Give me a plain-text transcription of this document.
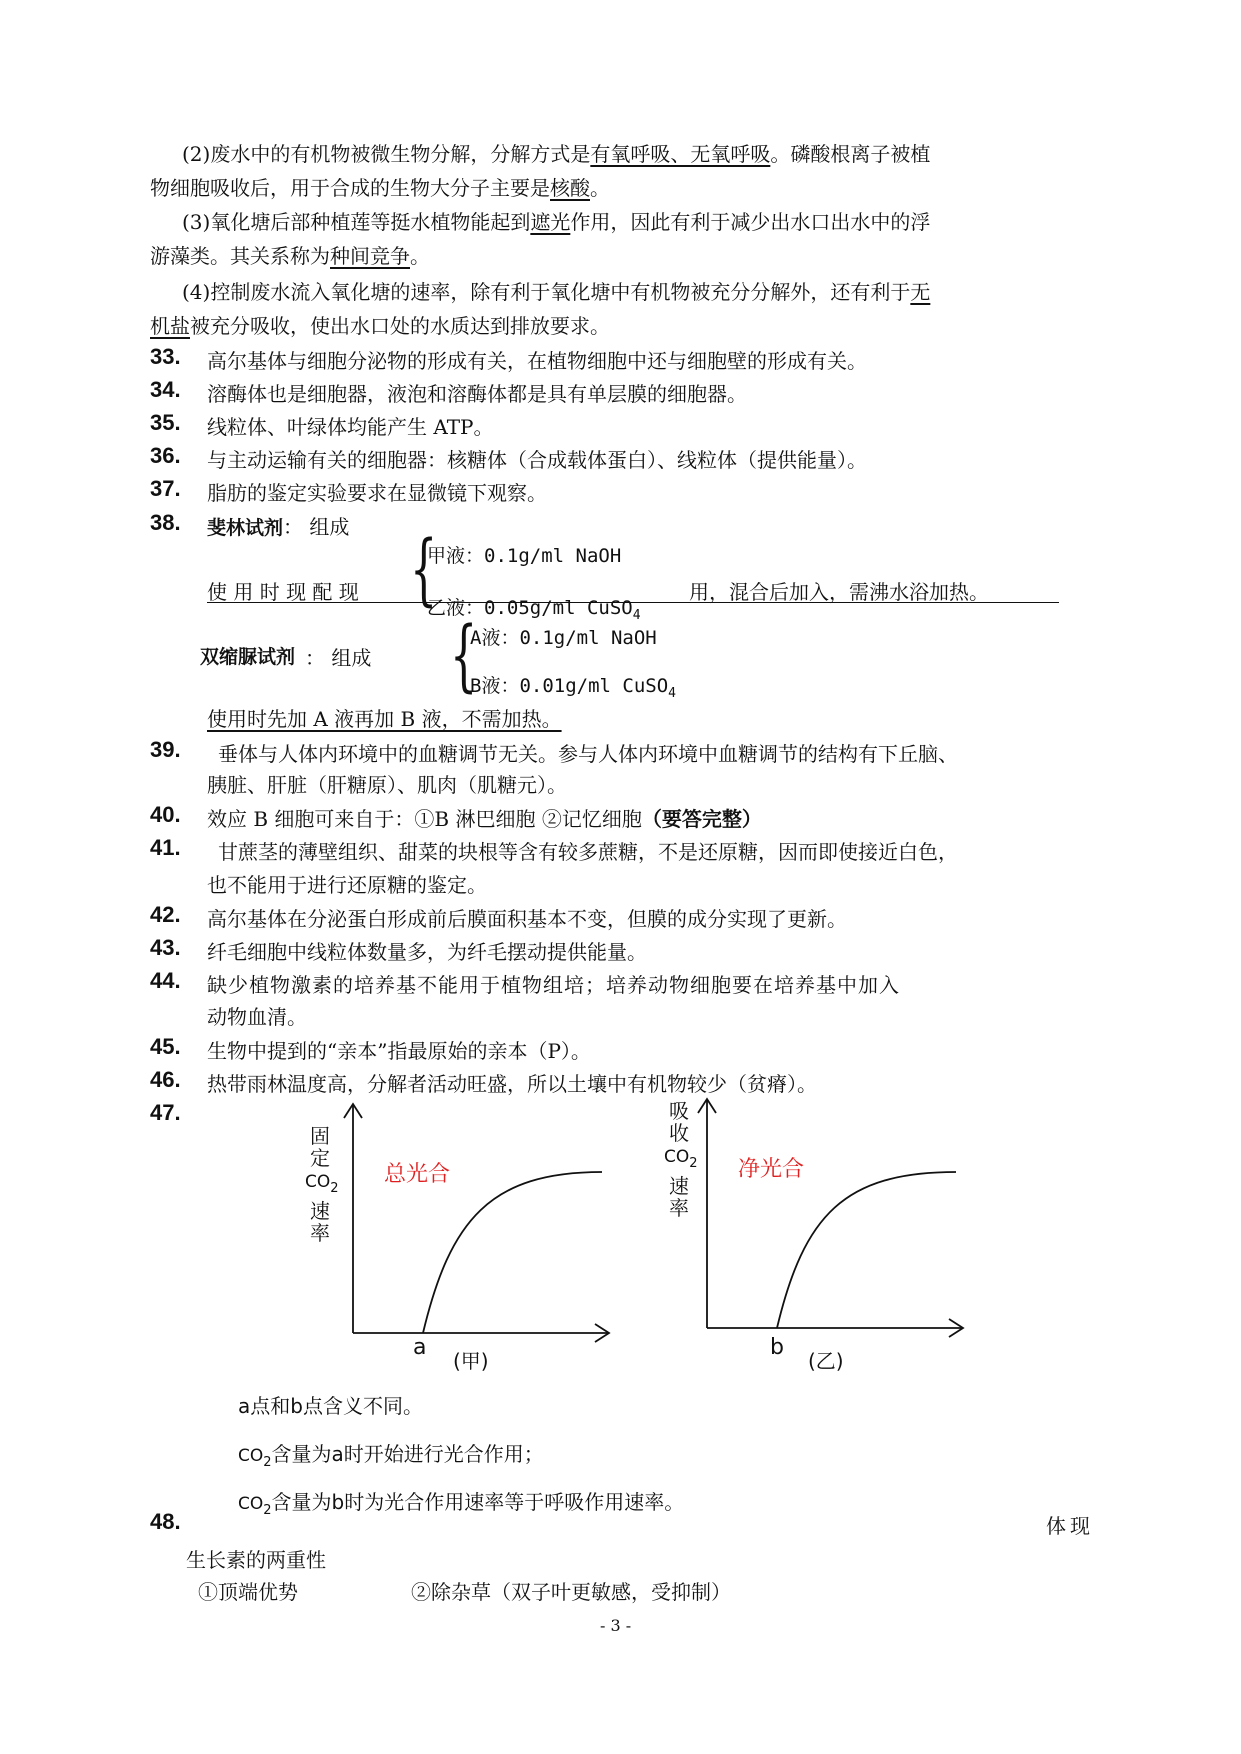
(2)废水中的有机物被微生物分解，分解方式是有氧呼吸、无氧呼吸。磷酸根离子被植
物细胞吸收后，用于合成的生物大分子主要是核酸。
(3)氧化塘后部种植莲等挺水植物能起到遮光作用，因此有利于减少出水口出水中的浮
游藻类。其关系称为种间竞争。
(4)控制废水流入氧化塘的速率，除有利于氧化塘中有机物被充分分解外，还有利于无
机盐被充分吸收，使出水口处的水质达到排放要求。
33. 高尔基体与细胞分泌物的形成有关，在植物细胞中还与细胞壁的形成有关。
34. 溶酶体也是细胞器，液泡和溶酶体都是具有单层膜的细胞器。
35. 线粒体、叶绿体均能产生 ATP。
36. 与主动运输有关的细胞器：核糖体（合成载体蛋白）、线粒体（提供能量）。
37. 脂肪的鉴定实验要求在显微镜下观察。
38. 斐林试剂： 组成 {
甲液：0.1g/ml NaOH
使 用 时 现 配 现
乙液：0.05g/ml CuSO$_4$
用，混合后加入，需沸水浴加热。
双缩脲试剂 ： 组成 {
A液：0.1g/ml NaOH
B液：0.01g/ml CuSO$_4$
使用时先加 A 液再加 B 液，不需加热。
39. 垂体与人体内环境中的血糖调节无关。参与人体内环境中血糖调节的结构有下丘脑、
胰脏、肝脏（肝糖原）、肌肉（肌糖元）。
40. 效应 B 细胞可来自于：①B 淋巴细胞 ②记忆细胞（要答完整）
41. 甘蔗茎的薄壁组织、甜菜的块根等含有较多蔗糖，不是还原糖，因而即使接近白色，
也不能用于进行还原糖的鉴定。
42. 高尔基体在分泌蛋白形成前后膜面积基本不变，但膜的成分实现了更新。
43. 纤毛细胞中线粒体数量多，为纤毛摆动提供能量。
44. 缺少植物激素的培养基不能用于植物组培；培养动物细胞要在培养基中加入
动物血清。
45. 生物中提到的“亲本”指最原始的亲本（P）。
46. 热带雨林温度高，分解者活动旺盛，所以土壤中有机物较少（贫瘠）。
47.
固定
$CO_2$
速率
总光合
a
(甲)
吸收
$CO_2$
速率
净光合
b
(乙)
a点和b点含义不同。
$CO_2$含量为a时开始进行光合作用；
$CO_2$含量为b时为光合作用速率等于呼吸作用速率。
48.	体现
生长素的两重性
①顶端优势	②除杂草（双子叶更敏感，受抑制）
- 3 -
